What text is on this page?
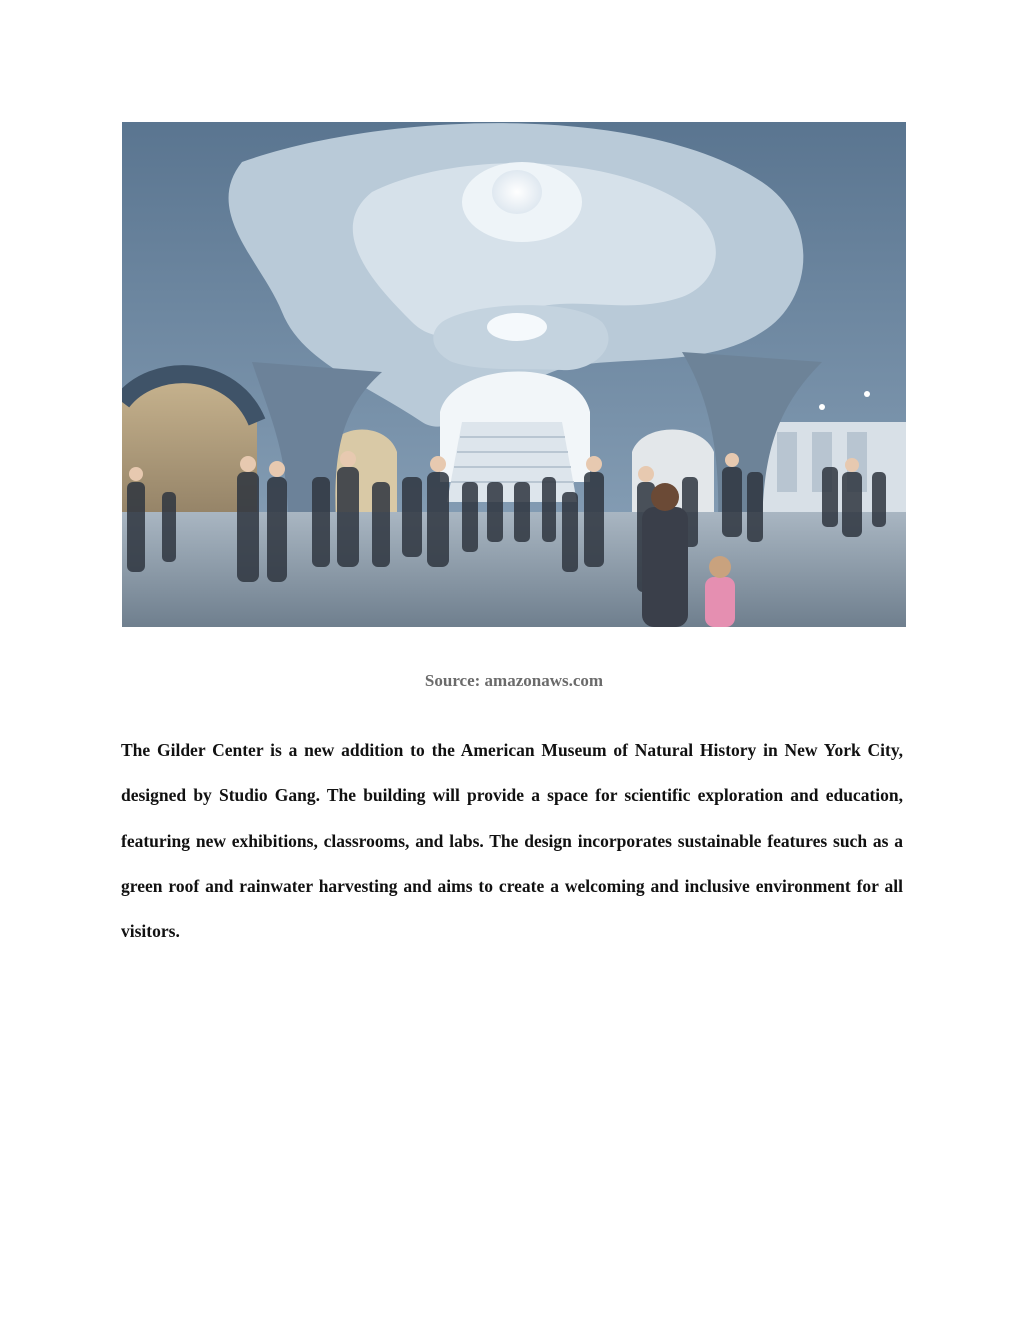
Source: amazonaws.com

The Gilder Center is a new addition to the American Museum of Natural History in New York City, designed by Studio Gang. The building will provide a space for scientific exploration and education, featuring new exhibitions, classrooms, and labs. The design incorporates sustainable features such as a green roof and rainwater harvesting and aims to create a welcoming and inclusive environment for all visitors.
